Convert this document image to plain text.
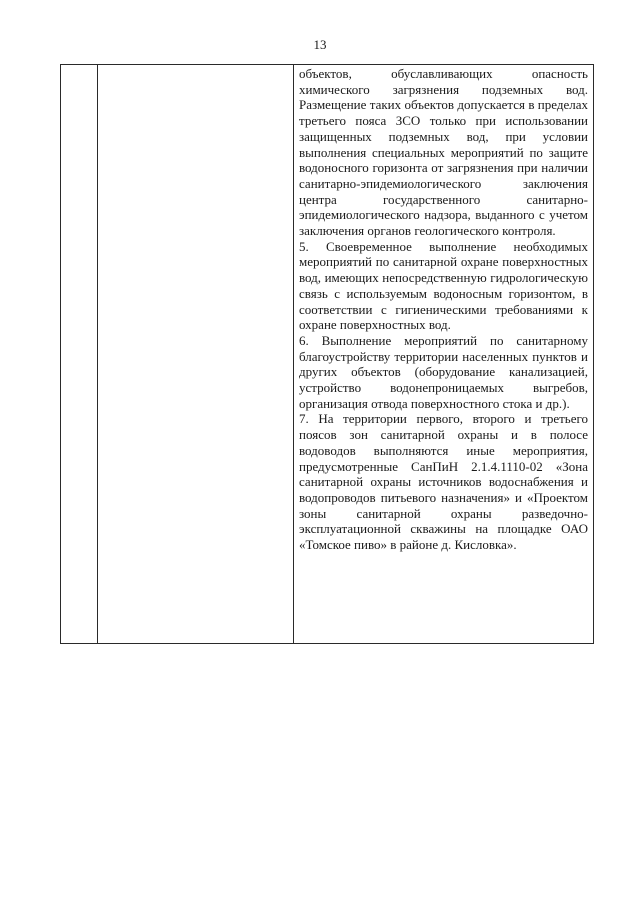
13

объектов, обуславливающих опасность химического загрязнения подземных вод. Размещение таких объектов допускается в пределах третьего пояса ЗСО только при использовании защищенных подземных вод, при условии выполнения специальных мероприятий по защите водоносного горизонта от загрязнения при наличии санитарно-эпидемиологического заключения центра государственного санитарно-эпидемиологического надзора, выданного с учетом заключения органов геологического контроля.

5. Своевременное выполнение необходимых мероприятий по санитарной охране поверхностных вод, имеющих непосредственную гидрологическую связь с используемым водоносным горизонтом, в соответствии с гигиеническими требованиями к охране поверхностных вод.

6. Выполнение мероприятий по санитарному благоустройству территории населенных пунктов и других объектов (оборудование канализацией, устройство водонепроницаемых выгребов, организация отвода поверхностного стока и др.).

7. На территории первого, второго и третьего поясов зон санитарной охраны и в полосе водоводов выполняются иные мероприятия, предусмотренные СанПиН 2.1.4.1110-02 «Зона санитарной охраны источников водоснабжения и водопроводов питьевого назначения» и «Проектом зоны санитарной охраны разведочно-эксплуатационной скважины на площадке ОАО «Томское пиво» в районе д. Кисловка».
